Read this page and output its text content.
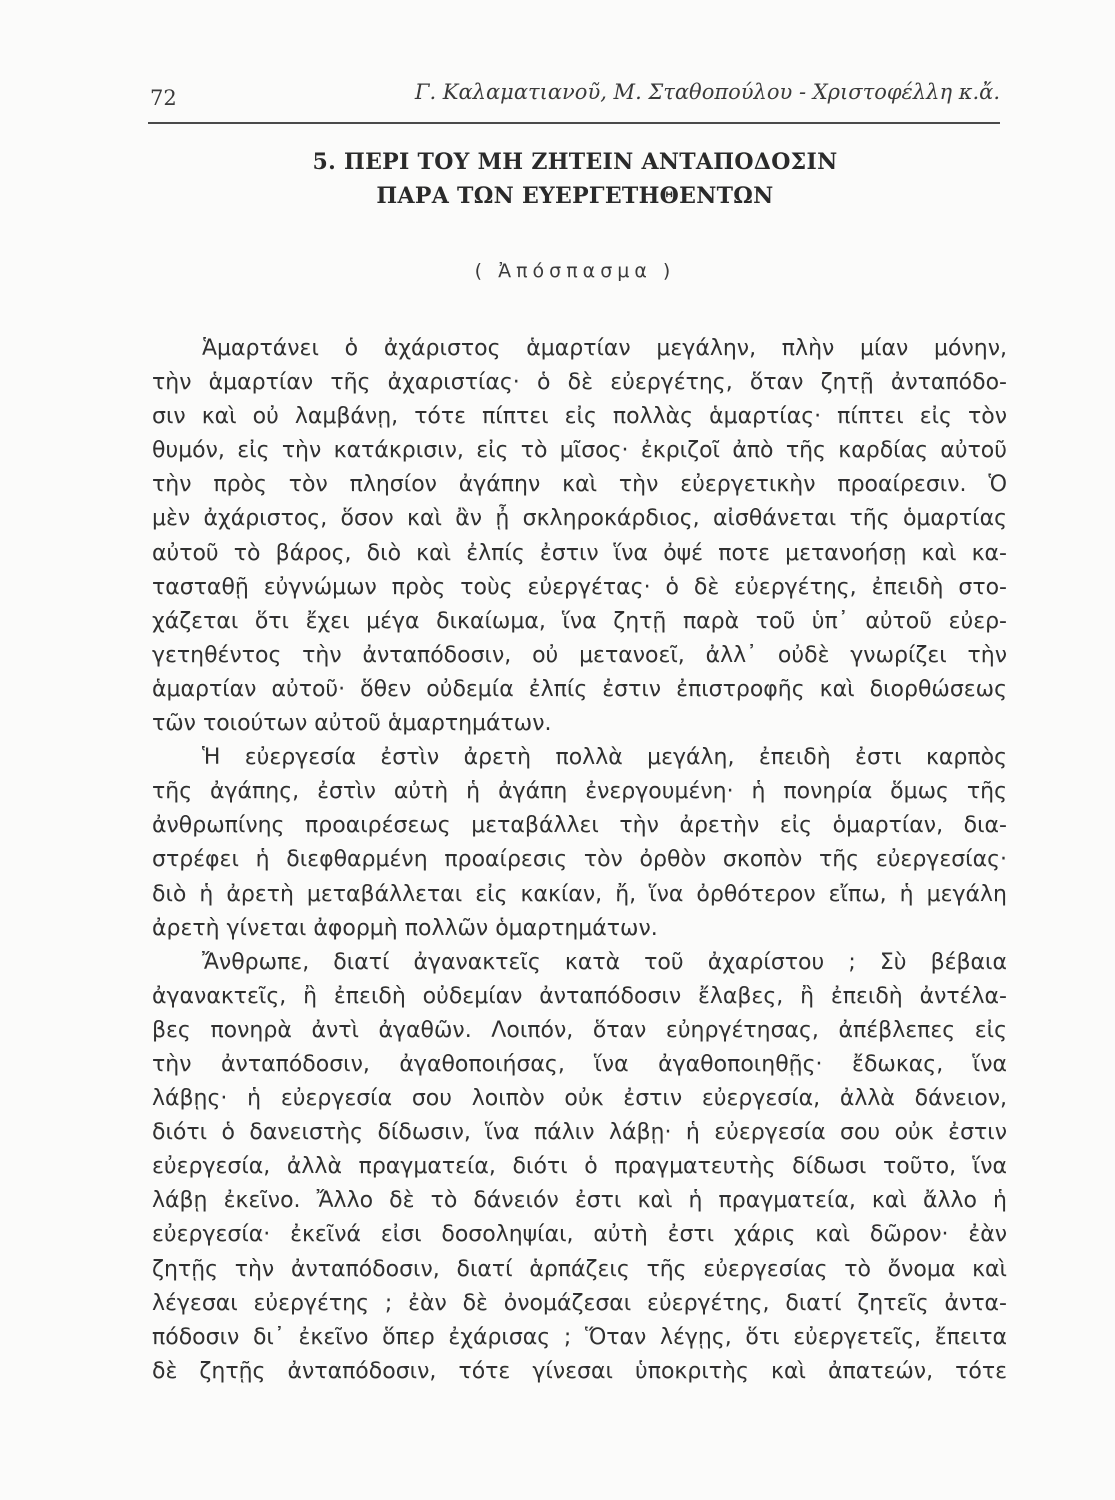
72	Γ. Καλαματιανοῦ, Μ. Σταθοπούλου - Χριστοφέλλη κ.ἄ.
5. ΠΕΡΙ ΤΟΥ ΜΗ ΖΗΤΕΙΝ ΑΝΤΑΠΟΔΟΣΙΝ
ΠΑΡΑ ΤΩΝ ΕΥΕΡΓΕΤΗΘΕΝΤΩΝ
( Ἀπόσπασμα )
Ἁμαρτάνει ὁ ἀχάριστος ἁμαρτίαν μεγάλην, πλὴν μίαν μόνην,
τὴν ἁμαρτίαν τῆς ἀχαριστίας· ὁ δὲ εὐεργέτης, ὅταν ζητῇ ἀνταπόδο-
σιν καὶ οὐ λαμβάνῃ, τότε πίπτει εἰς πολλὰς ἁμαρτίας· πίπτει εἰς τὸν
θυμόν, εἰς τὴν κατάκρισιν, εἰς τὸ μῖσος· ἐκριζοῖ ἀπὸ τῆς καρδίας αὐτοῦ
τὴν πρὸς τὸν πλησίον ἀγάπην καὶ τὴν εὐεργετικὴν προαίρεσιν. Ὁ
μὲν ἀχάριστος, ὅσον καὶ ἂν ᾖ σκληροκάρδιος, αἰσθάνεται τῆς ὁμαρτίας
αὐτοῦ τὸ βάρος, διὸ καὶ ἐλπίς ἐστιν ἵνα ὀψέ ποτε μετανοήσῃ καὶ κα-
τασταθῇ εὐγνώμων πρὸς τοὺς εὐεργέτας· ὁ δὲ εὐεργέτης, ἐπειδὴ στο-
χάζεται ὅτι ἔχει μέγα δικαίωμα, ἵνα ζητῇ παρὰ τοῦ ὑπ᾽ αὐτοῦ εὐερ-
γετηθέντος τὴν ἀνταπόδοσιν, οὐ μετανοεῖ, ἀλλ᾽ οὐδὲ γνωρίζει τὴν
ἁμαρτίαν αὐτοῦ· ὅθεν οὐδεμία ἐλπίς ἐστιν ἐπιστροφῆς καὶ διορθώσεως
τῶν τοιούτων αὐτοῦ ἁμαρτημάτων.
Ἡ εὐεργεσία ἐστὶν ἀρετὴ πολλὰ μεγάλη, ἐπειδὴ ἐστι καρπὸς
τῆς ἀγάπης, ἐστὶν αὐτὴ ἡ ἀγάπη ἐνεργουμένη· ἡ πονηρία ὅμως τῆς
ἀνθρωπίνης προαιρέσεως μεταβάλλει τὴν ἀρετὴν εἰς ὁμαρτίαν, δια-
στρέφει ἡ διεφθαρμένη προαίρεσις τὸν ὀρθὸν σκοπὸν τῆς εὐεργεσίας·
διὸ ἡ ἀρετὴ μεταβάλλεται εἰς κακίαν, ἤ, ἵνα ὀρθότερον εἴπω, ἡ μεγάλη
ἀρετὴ γίνεται ἀφορμὴ πολλῶν ὁμαρτημάτων.
Ἄνθρωπε, διατί ἀγανακτεῖς κατὰ τοῦ ἀχαρίστου ; Σὺ βέβαια
ἀγανακτεῖς, ἢ ἐπειδὴ οὐδεμίαν ἀνταπόδοσιν ἔλαβες, ἢ ἐπειδὴ ἀντέλα-
βες πονηρὰ ἀντὶ ἀγαθῶν. Λοιπόν, ὅταν εὐηργέτησας, ἀπέβλεπες εἰς
τὴν ἀνταπόδοσιν, ἀγαθοποιήσας, ἵνα ἀγαθοποιηθῇς· ἔδωκας, ἵνα
λάβῃς· ἡ εὐεργεσία σου λοιπὸν οὐκ ἐστιν εὐεργεσία, ἀλλὰ δάνειον,
διότι ὁ δανειστὴς δίδωσιν, ἵνα πάλιν λάβῃ· ἡ εὐεργεσία σου οὐκ ἐστιν
εὐεργεσία, ἀλλὰ πραγματεία, διότι ὁ πραγματευτὴς δίδωσι τοῦτο, ἵνα
λάβῃ ἐκεῖνο. Ἄλλο δὲ τὸ δάνειόν ἐστι καὶ ἡ πραγματεία, καὶ ἄλλο ἡ
εὐεργεσία· ἐκεῖνά εἰσι δοσοληψίαι, αὐτὴ ἐστι χάρις καὶ δῶρον· ἐὰν
ζητῇς τὴν ἀνταπόδοσιν, διατί ἁρπάζεις τῆς εὐεργεσίας τὸ ὄνομα καὶ
λέγεσαι εὐεργέτης ; ἐὰν δὲ ὀνομάζεσαι εὐεργέτης, διατί ζητεῖς ἀντα-
πόδοσιν δι᾽ ἐκεῖνο ὅπερ ἐχάρισας ; Ὅταν λέγῃς, ὅτι εὐεργετεῖς, ἔπειτα
δὲ ζητῇς ἀνταπόδοσιν, τότε γίνεσαι ὑποκριτὴς καὶ ἀπατεών, τότε
